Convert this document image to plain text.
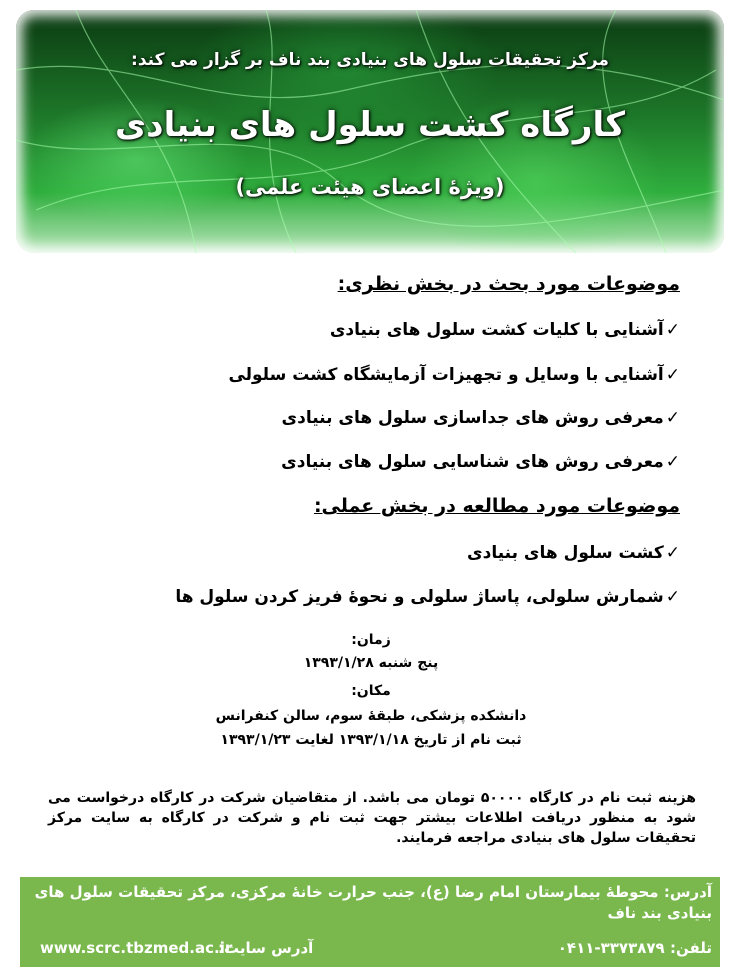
مرکز تحقیقات سلول های بنیادی بند ناف بر گزار می کند:
کارگاه کشت سلول های بنیادی
(ویژهٔ اعضای هیئت علمی)
موضوعات مورد بحث در بخش نظری:
✓آشنایی با کلیات کشت سلول های بنیادی
✓آشنایی با وسایل و تجهیزات آزمایشگاه کشت سلولی
✓معرفی روش های جداسازی سلول های بنیادی
✓معرفی روش های شناسایی سلول های بنیادی
موضوعات مورد مطالعه در بخش عملی:
✓کشت سلول های بنیادی
✓شمارش سلولی، پاساژ سلولی و نحوهٔ فریز کردن سلول ها
زمان:
پنج شنبه ۱۳۹۳/۱/۲۸
مکان:
دانشکده پزشکی، طبقهٔ سوم، سالن کنفرانس
ثبت نام از تاریخ ۱۳۹۳/۱/۱۸ لغایت ۱۳۹۳/۱/۲۳
هزینه ثبت نام در کارگاه ۵۰۰۰۰ تومان می باشد. از متقاضیان شرکت در کارگاه درخواست می شود به منظور دریافت اطلاعات بیشتر جهت ثبت نام و شرکت در کارگاه به سایت مرکز تحقیقات سلول های بنیادی مراجعه فرمایند.
آدرس: محوطهٔ بیمارستان امام رضا (ع)، جنب حرارت خانهٔ مرکزی، مرکز تحقیقات سلول های بنیادی بند ناف
تلفن: ۳۳۷۳۸۷۹-۰۴۱۱
آدرس سایت:
www.scrc.tbzmed.ac.ir
